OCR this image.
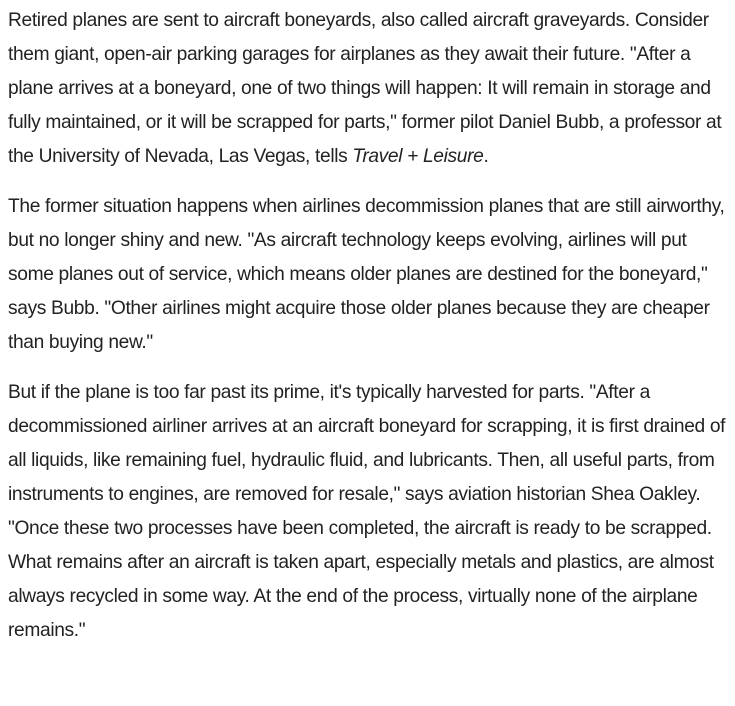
Retired planes are sent to aircraft boneyards, also called aircraft graveyards. Consider them giant, open-air parking garages for airplanes as they await their future. "After a plane arrives at a boneyard, one of two things will happen: It will remain in storage and fully maintained, or it will be scrapped for parts," former pilot Daniel Bubb, a professor at the University of Nevada, Las Vegas, tells Travel + Leisure.

The former situation happens when airlines decommission planes that are still airworthy, but no longer shiny and new. "As aircraft technology keeps evolving, airlines will put some planes out of service, which means older planes are destined for the boneyard," says Bubb. "Other airlines might acquire those older planes because they are cheaper than buying new."

But if the plane is too far past its prime, it's typically harvested for parts. "After a decommissioned airliner arrives at an aircraft boneyard for scrapping, it is first drained of all liquids, like remaining fuel, hydraulic fluid, and lubricants. Then, all useful parts, from instruments to engines, are removed for resale," says aviation historian Shea Oakley. "Once these two processes have been completed, the aircraft is ready to be scrapped. What remains after an aircraft is taken apart, especially metals and plastics, are almost always recycled in some way. At the end of the process, virtually none of the airplane remains."
